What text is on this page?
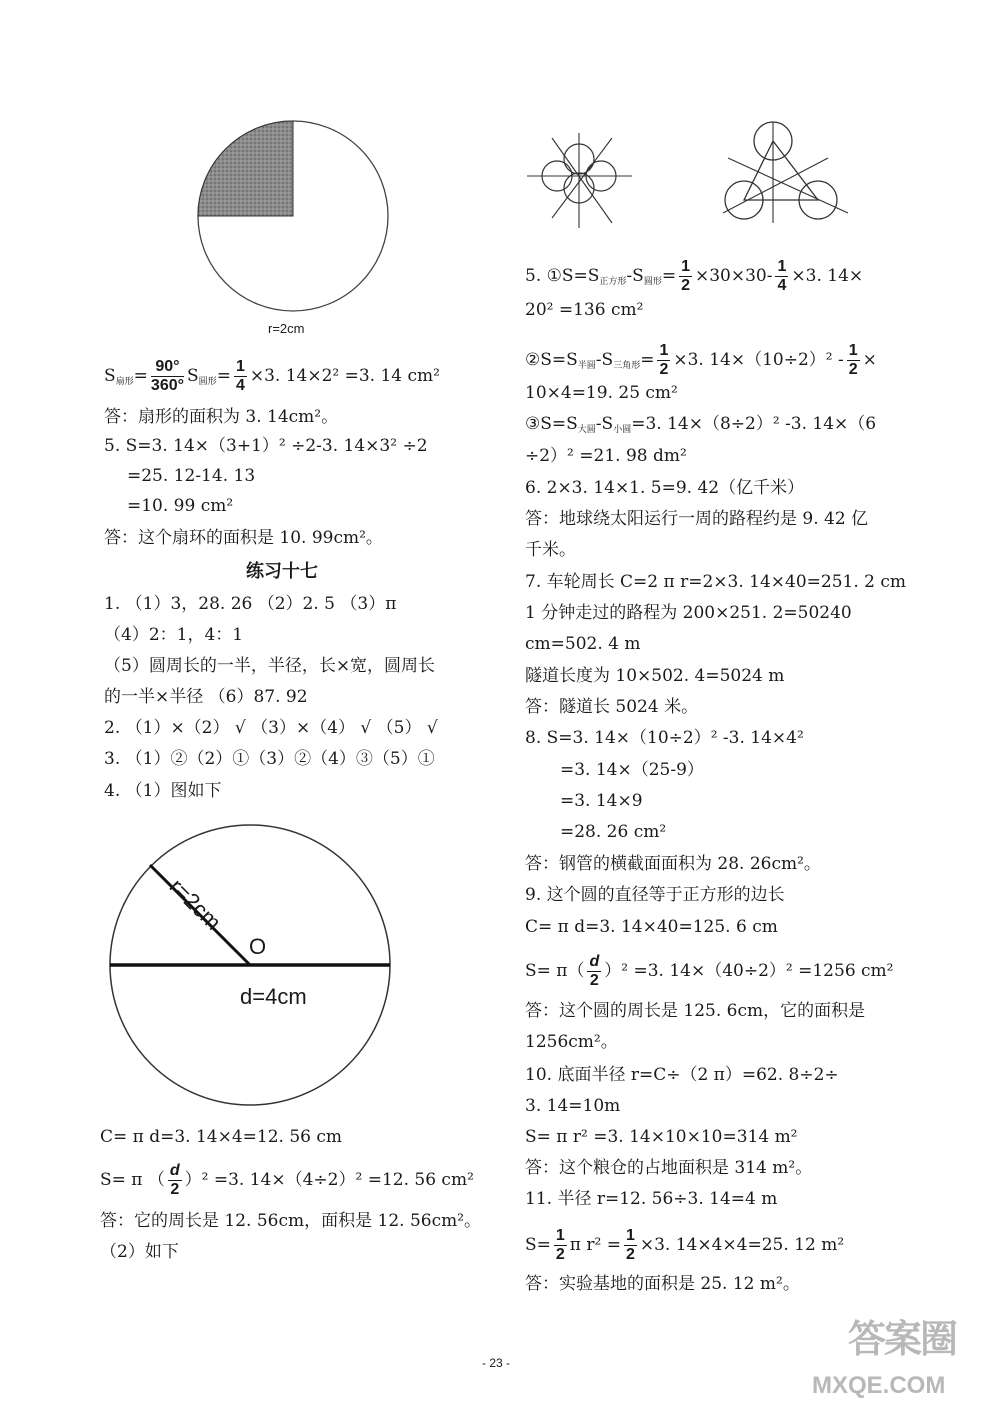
r=2cm
$S_{扇形}= \frac{90^\circ}{360^\circ} S_{圆形}= \frac{1}{4} \times 3$. 14×2² =3. 14 cm²
答：扇形的面积为 3. 14cm²。
5. S=3. 14×（3+1）² ÷2-3. 14×3² ÷2
=25. 12-14. 13
=10. 99 cm²
答：这个扇环的面积是 10. 99cm²。
练习十七
1. （1）3，28. 26 （2）2. 5 （3）π
（4）2：1，4：1
（5）圆周长的一半，半径，长×宽，圆周长
的一半×半径 （6）87. 92
2. （1）×（2） √ （3）×（4） √ （5） √
3. （1）②（2）①（3）②（4）③（5）①
4. （1）图如下
r=2cm
O
d=4cm
C= π d=3. 14×4=12. 56 cm
S= π （ $\frac{d}{2} )^2 =3$. 14×（4÷2）² =12. 56 cm²
答：它的周长是 12. 56cm，面积是 12. 56cm²。
（2）如下
5. $①S=S_{正方形}-S_{圆形}= \frac{1}{2} \times 30\times 30- \frac{1}{4} \times 3$. 14×
20² =136 cm²
$②S=S_{半圆}-S_{三角形}= \frac{1}{2} \times 3$. $14\times(10\div 2)^2 - \frac{1}{2}$ ×
10×4=19. 25 cm²
$③S=S_{大圆}-S_{小圆}=3$. 14×（8÷2）² -3. 14×（6
÷2）² =21. 98 dm²
6. 2×3. 14×1. 5=9. 42（亿千米）
答：地球绕太阳运行一周的路程约是 9. 42 亿
千米。
7. 车轮周长 C=2 π r=2×3. 14×40=251. 2 cm
1 分钟走过的路程为 200×251. 2=50240
cm=502. 4 m
隧道长度为 10×502. 4=5024 m
答：隧道长 5024 米。
8. S=3. 14×（10÷2）² -3. 14×4²
=3. 14×（25-9）
=3. 14×9
=28. 26 cm²
答：钢管的横截面面积为 28. 26cm²。
9. 这个圆的直径等于正方形的边长
C= π d=3. 14×40=125. 6 cm
$S= \pi( \frac{d}{2} )^2 =3$. 14×（40÷2）² =1256 cm²
答：这个圆的周长是 125. 6cm，它的面积是
1256cm²。
10. 底面半径 r=C÷（2 π）=62. 8÷2÷
3. 14=10m
S= π r² =3. 14×10×10=314 m²
答：这个粮仓的占地面积是 314 m²。
11. 半径 r=12. 56÷3. 14=4 m
$S= \frac{1}{2}$ π $r^2 = \frac{1}{2} \times 3$. 14×4×4=25. 12 m²
答：实验基地的面积是 25. 12 m²。
- 23 -
答案圈
MXQE.COM
